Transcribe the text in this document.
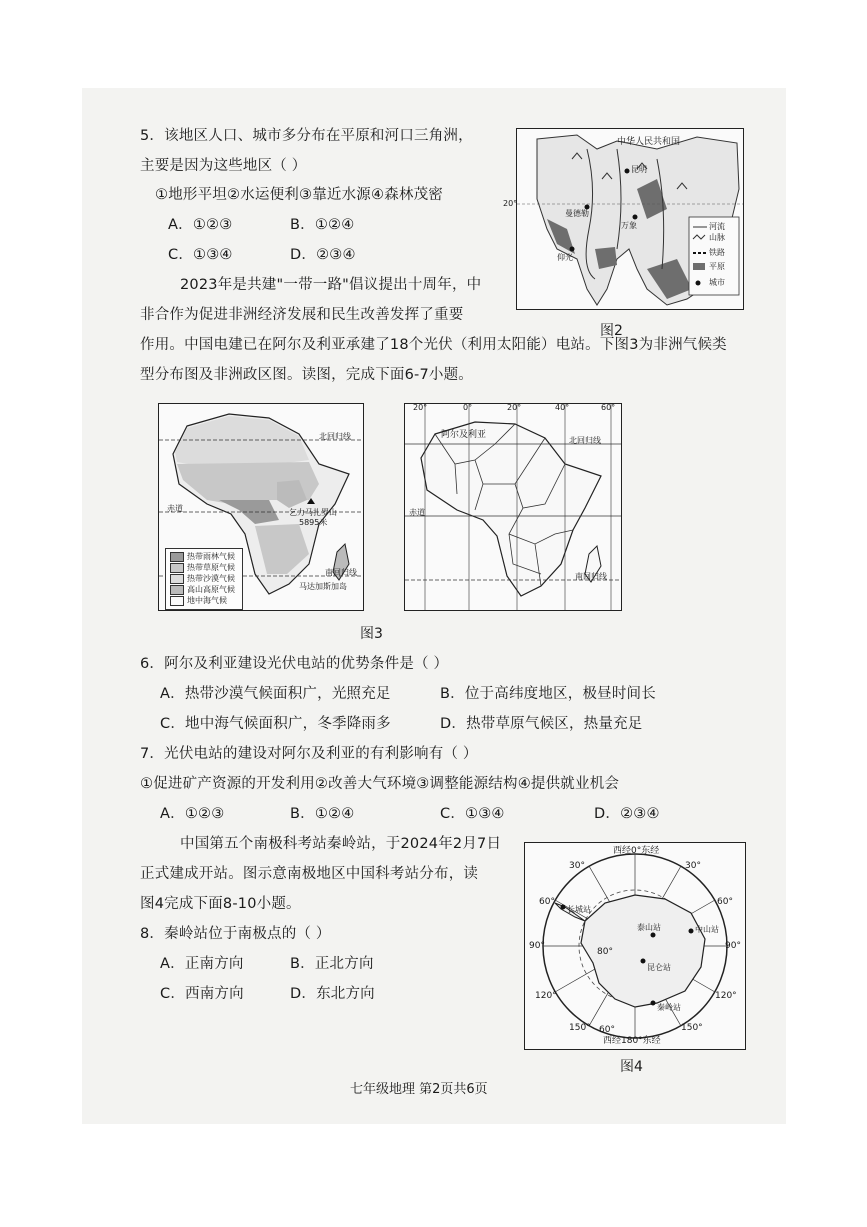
5．该地区人口、城市多分布在平原和河口三角洲，
主要是因为这些地区（ ）
①地形平坦②水运便利③靠近水源④森林茂密
A．①②③	B．①②④
C．①③④	D．②③④
2023年是共建"一带一路"倡议提出十周年，中
非合作为促进非洲经济发展和民生改善发挥了重要
作用。中国电建已在阿尔及利亚承建了18个光伏（利用太阳能）电站。下图3为非洲气候类
型分布图及非洲政区图。读图，完成下面6-7小题。
中华人民共和国
20°
昆明
曼德勒
仰光
万象	河流
山脉
铁路
平原
城市
图2
北回归线
赤道
南回归线
乞力马扎罗山
5895米
马达加斯加岛
热带雨林气候
热带草原气候
热带沙漠气候
高山高原气候
地中海气候
20°	0°	20°	40°	60°
阿尔及利亚
北回归线
赤道
南回归线
图3
6．阿尔及利亚建设光伏电站的优势条件是（ ）
A．热带沙漠气候面积广，光照充足	B．位于高纬度地区，极昼时间长
C．地中海气候面积广，冬季降雨多	D．热带草原气候区，热量充足
7．光伏电站的建设对阿尔及利亚的有利影响有（ ）
①促进矿产资源的开发利用②改善大气环境③调整能源结构④提供就业机会
A．①②③	B．①②④	C．①③④	D．②③④
中国第五个南极科考站秦岭站，于2024年2月7日
正式建成开站。图示意南极地区中国科考站分布，读
图4完成下面8-10小题。
8．秦岭站位于南极点的（ ）
A．正南方向	B．正北方向
C．西南方向	D．东北方向
西经0°东经
西经180°东经
30°	30°
60°	60°
90°	90°
120°	120°
150°	150°
80°
60°
长城站
泰山站	中山站
昆仑站
秦岭站
图4
七年级地理 第2页共6页
